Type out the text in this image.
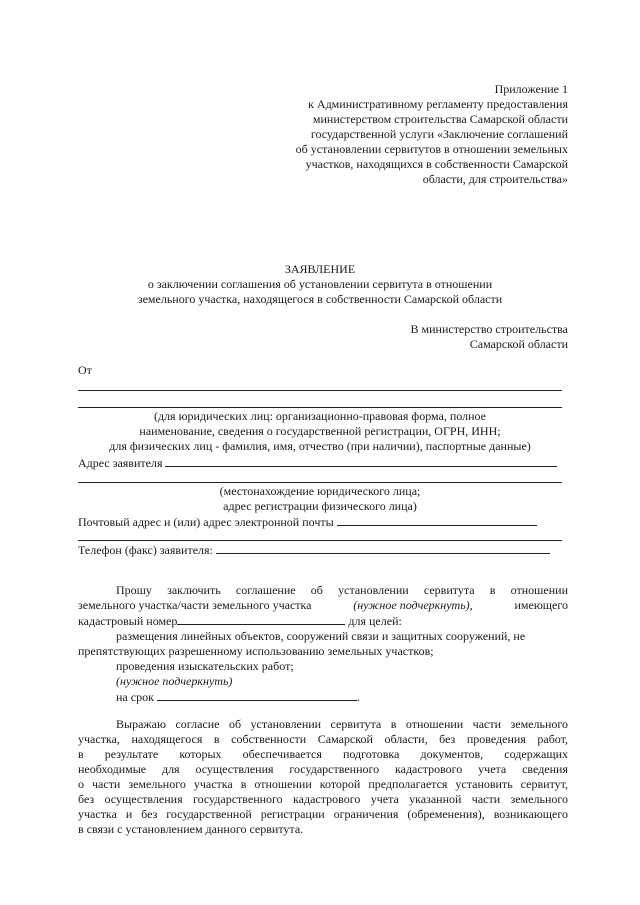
Приложение 1
к Административному регламенту предоставления
министерством строительства Самарской области
государственной услуги «Заключение соглашений
об установлении сервитутов в отношении земельных
участков, находящихся в собственности Самарской
области, для строительства»
ЗАЯВЛЕНИЕ
о заключении соглашения об установлении сервитута в отношении
земельного участка, находящегося в собственности Самарской области
В министерство строительства
Самарской области
От
(для юридических лиц: организационно-правовая форма, полное
наименование, сведения о государственной регистрации, ОГРН, ИНН;
для физических лиц - фамилия, имя, отчество (при наличии), паспортные данные)
Адрес заявителя
(местонахождение юридического лица;
адрес регистрации физического лица)
Почтовый адрес и (или) адрес электронной почты
Телефон (факс) заявителя:
Прошу заключить соглашение об установлении сервитута в отношении
земельного участка/части земельного участка	(нужное подчеркнуть),	имеющего
кадастровый номер	для целей:
размещения линейных объектов, сооружений связи и защитных сооружений, не
препятствующих разрешенному использованию земельных участков;
проведения изыскательских работ;
(нужное подчеркнуть)
на срок	.
Выражаю согласие об установлении сервитута в отношении части земельного
участка, находящегося в собственности Самарской области, без проведения работ,
в результате которых обеспечивается подготовка документов, содержащих
необходимые для осуществления государственного кадастрового учета сведения
о части земельного участка в отношении которой предполагается установить сервитут,
без осуществления государственного кадастрового учета указанной части земельного
участка и без государственной регистрации ограничения (обременения), возникающего
в связи с установлением данного сервитута.
